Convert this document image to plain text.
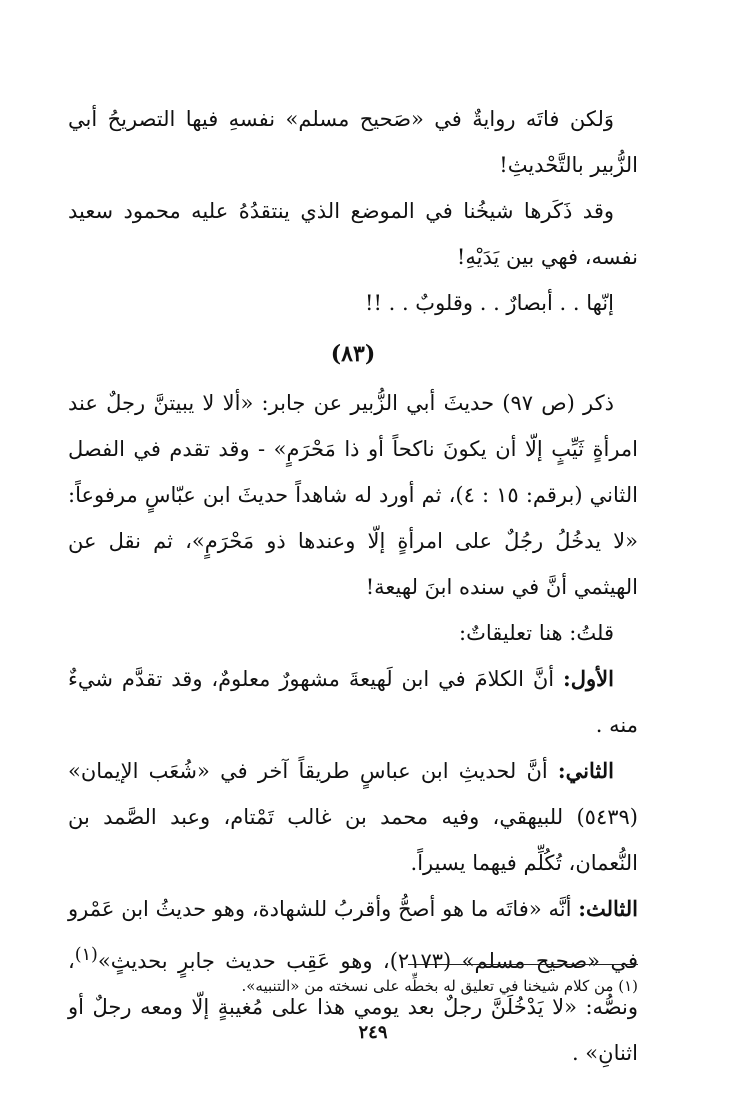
وَلكن فاتَه روايةٌ في «صَحيح مسلم» نفسهِ فيها التصريحُ أبي الزُّبير بالتَّحْديثِ!

وقد ذَكَرها شيخُنا في الموضع الذي ينتقدُهُ عليه محمود سعيد نفسه، فهي بين يَدَيْهِ!

إنّها . . أبصارٌ . . وقلوبٌ . . !!

(٨٣)

ذكر (ص ٩٧) حديثَ أبي الزُّبير عن جابر: «ألا لا يبيتنَّ رجلٌ عند امرأةٍ ثَيِّبٍ إلّا أن يكونَ ناكحاً أو ذا مَحْرَمٍ» - وقد تقدم في الفصل الثاني (برقم: ١٥ : ٤)، ثم أورد له شاهداً حديثَ ابن عبّاسٍ مرفوعاً: «لا يدخُلُ رجُلٌ على امرأةٍ إلّا وعندها ذو مَحْرَمٍ»، ثم نقل عن الهيثمي أنَّ في سنده ابنَ لهيعة!

قلتُ: هنا تعليقاتٌ:

الأول: أنَّ الكلامَ في ابن لَهيعةَ مشهورٌ معلومٌ، وقد تقدَّم شيءٌ منه .

الثاني: أنَّ لحديثِ ابن عباسٍ طريقاً آخر في «شُعَب الإيمان» (٥٤٣٩) للبيهقي، وفيه محمد بن غالب تَمْتام، وعبد الصَّمد بن النُّعمان، تُكُلِّم فيهما يسيراً.

الثالث: أنَّه «فاتَه ما هو أصحُّ وأقربُ للشهادة، وهو حديثُ ابن عَمْرو في «صحيح مسلم» (٢١٧٣)، وهو عَقِب حديث جابرٍ بحديثٍ»$^{(١)}$، ونصُّه: «لا يَدْخُلَنَّ رجلٌ بعد يومي هذا على مُغيبةٍ إلّا ومعه رجلٌ أو اثنانِ» .

(١) من كلام شيخنا في تعليق له بخطِّه على نسخته من «التنبيه».
٢٤٩
